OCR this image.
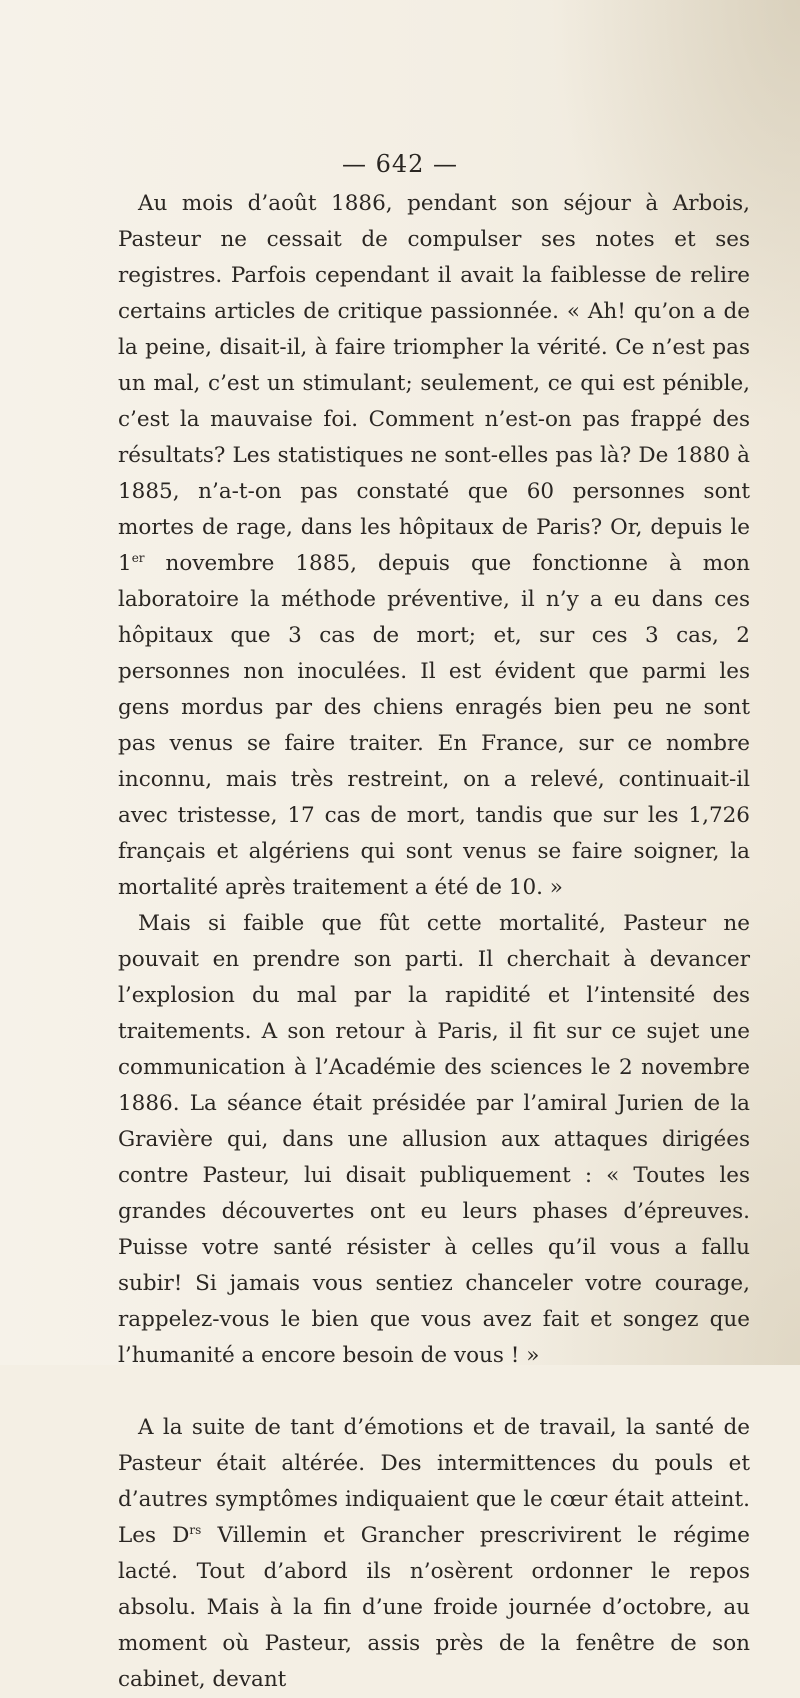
— 642 —

Au mois d’août 1886, pendant son séjour à Arbois, Pasteur ne cessait de compulser ses notes et ses registres. Parfois cependant il avait la faiblesse de relire certains articles de critique passionnée. « Ah! qu’on a de la peine, disait-il, à faire triompher la vérité. Ce n’est pas un mal, c’est un stimulant; seulement, ce qui est pénible, c’est la mauvaise foi. Comment n’est-on pas frappé des résultats? Les statistiques ne sont-elles pas là? De 1880 à 1885, n’a-t-on pas constaté que 60 personnes sont mortes de rage, dans les hôpitaux de Paris? Or, depuis le 1er novembre 1885, depuis que fonctionne à mon laboratoire la méthode préventive, il n’y a eu dans ces hôpitaux que 3 cas de mort; et, sur ces 3 cas, 2 personnes non inoculées. Il est évident que parmi les gens mordus par des chiens enragés bien peu ne sont pas venus se faire traiter. En France, sur ce nombre inconnu, mais très restreint, on a relevé, continuait-il avec tristesse, 17 cas de mort, tandis que sur les 1,726 français et algériens qui sont venus se faire soigner, la mortalité après traitement a été de 10. »

Mais si faible que fût cette mortalité, Pasteur ne pouvait en prendre son parti. Il cherchait à devancer l’explosion du mal par la rapidité et l’intensité des traitements. A son retour à Paris, il fit sur ce sujet une communication à l’Académie des sciences le 2 novembre 1886. La séance était présidée par l’amiral Jurien de la Gravière qui, dans une allusion aux attaques dirigées contre Pasteur, lui disait publiquement : « Toutes les grandes découvertes ont eu leurs phases d’épreuves. Puisse votre santé résister à celles qu’il vous a fallu subir! Si jamais vous sentiez chanceler votre courage, rappelez-vous le bien que vous avez fait et songez que l’humanité a encore besoin de vous ! »

A la suite de tant d’émotions et de travail, la santé de Pasteur était altérée. Des intermittences du pouls et d’autres symptômes indiquaient que le cœur était atteint. Les $D^{rs}$ Villemin et Grancher prescrivirent le régime lacté. Tout d’abord ils n’osèrent ordonner le repos absolu. Mais à la fin d’une froide journée d’octobre, au moment où Pasteur, assis près de la fenêtre de son cabinet, devant
